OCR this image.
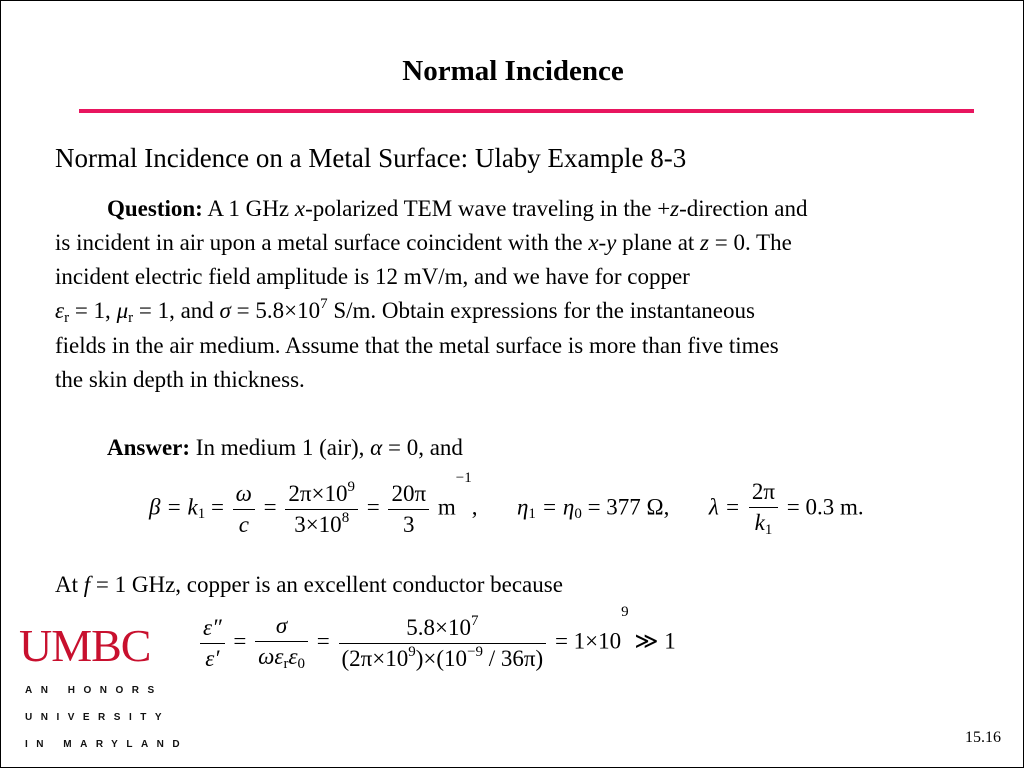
Normal Incidence
Normal Incidence on a Metal Surface: Ulaby Example 8-3
Question: A 1 GHz x-polarized TEM wave traveling in the +z-direction and
is incident in air upon a metal surface coincident with the x-y plane at z = 0. The
incident electric field amplitude is 12 mV/m, and we have for copper
$\varepsilon_r = 1$, $\mu_r = 1$, and $\sigma = 5.8\times 10^7$ S/m. Obtain expressions for the instantaneous
fields in the air medium. Assume that the metal surface is more than five times
the skin depth in thickness.
Answer: In medium 1 (air), α = 0, and
$\beta = k_1 = \frac{\omega}{c} = \frac{2\pi\times 10^9}{3\times 10^8} = \frac{20\pi}{3} m^{-1}$, $\eta_1 = \eta_0 = 377$ Ω, $\lambda = \frac{2\pi}{k_1} = 0.3$ m.
At f = 1 GHz, copper is an excellent conductor because
$\frac{\varepsilon''}{\varepsilon'} = \frac{\sigma}{\omega\varepsilon_r\varepsilon_0} = \frac{5.8\times 10^7}{(2\pi\times 10^9)\times(10^{-9} / 36\pi)} = 1\times 10^9$ ≫ 1
UMBC
AN HONORS
UNIVERSITY
IN MARYLAND	15.16
